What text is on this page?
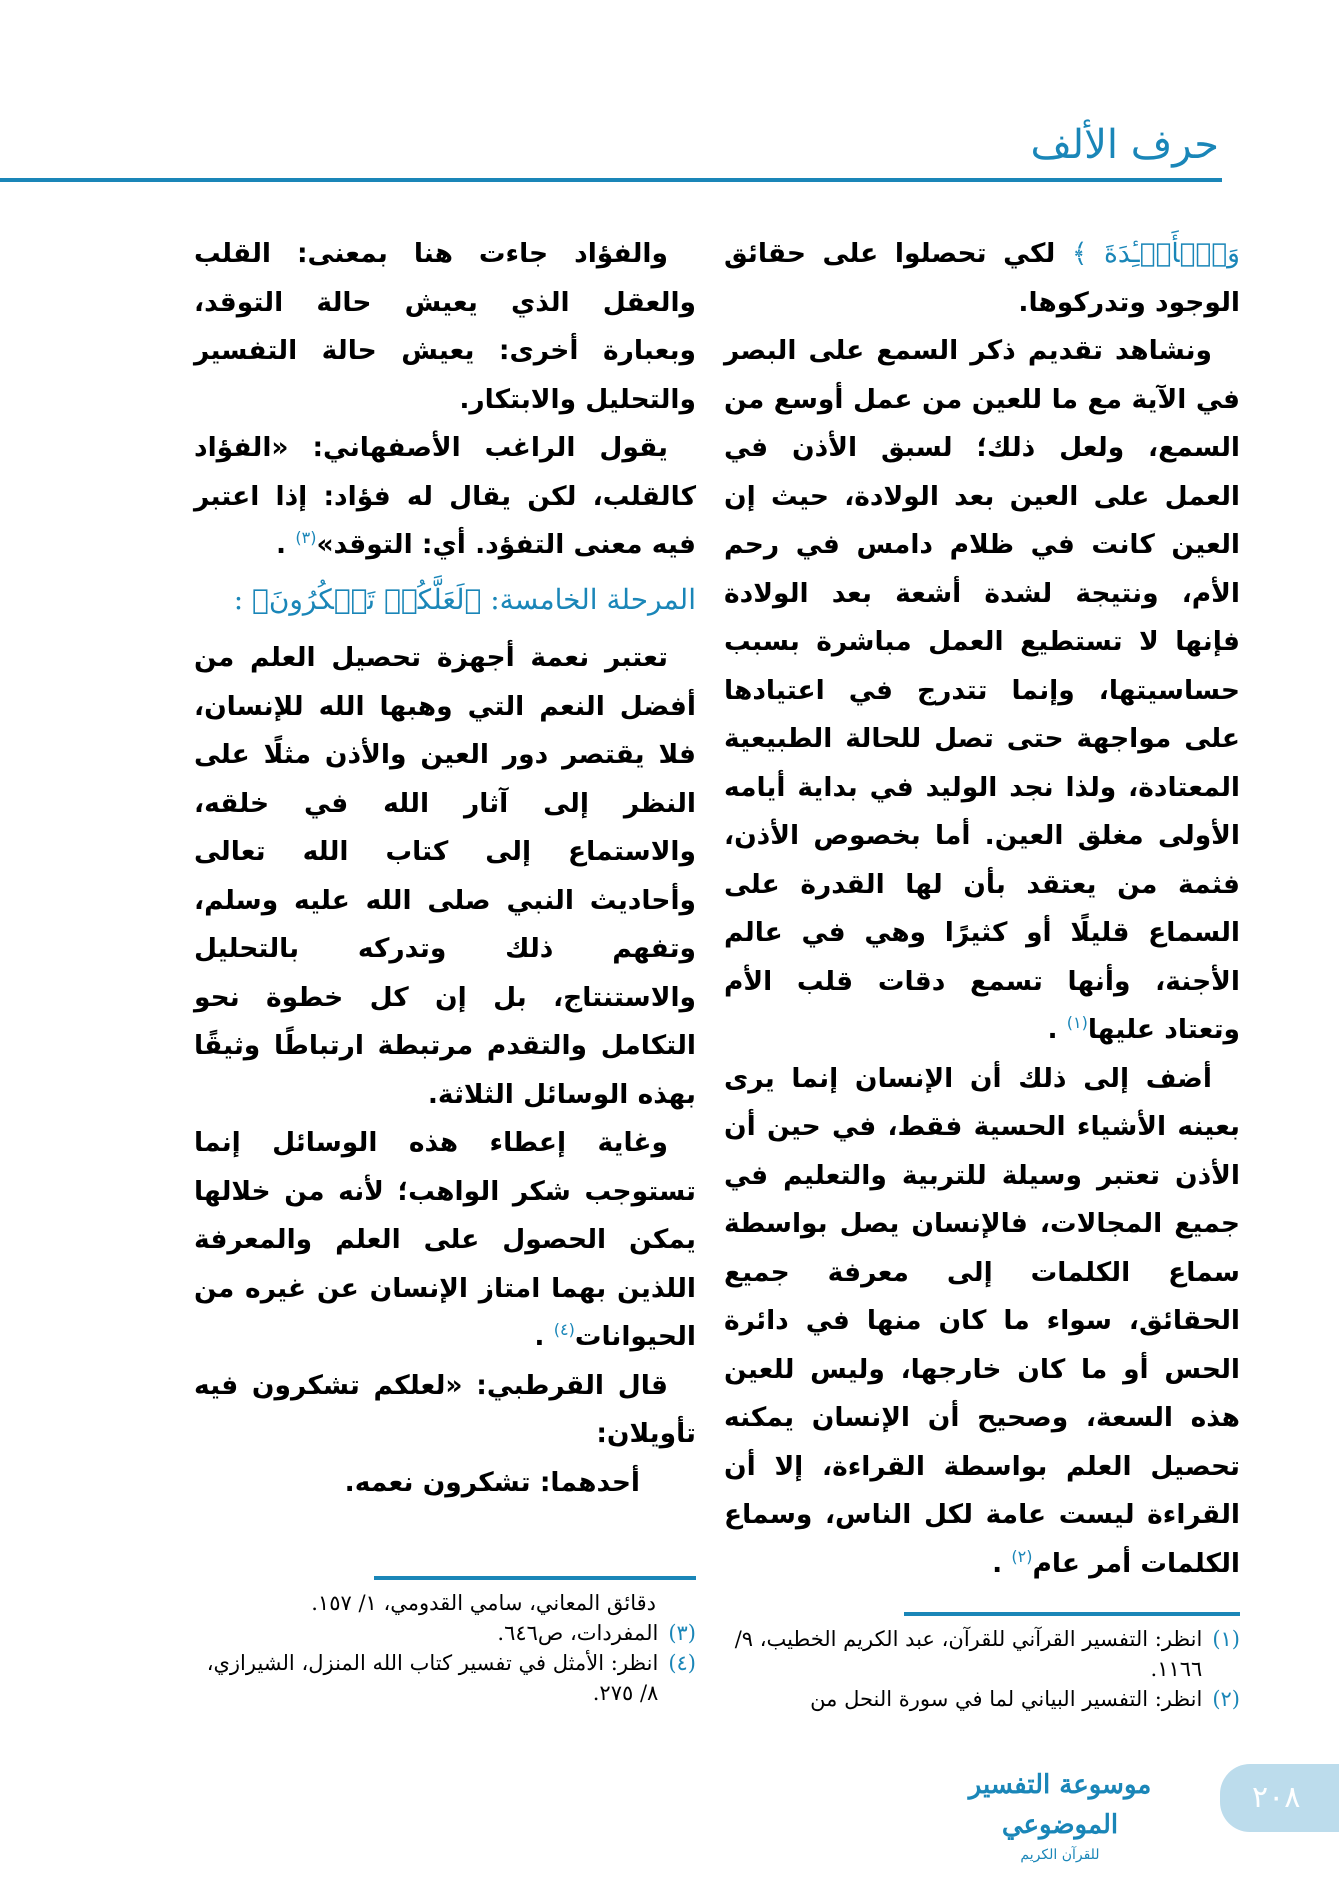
حرف الألف

وَٱلۡأَفۡـِٔدَةَ ﴾ لكي تحصلوا على حقائق الوجود وتدركوها.

ونشاهد تقديم ذكر السمع على البصر في الآية مع ما للعين من عمل أوسع من السمع، ولعل ذلك؛ لسبق الأذن في العمل على العين بعد الولادة، حيث إن العين كانت في ظلام دامس في رحم الأم، ونتيجة لشدة أشعة بعد الولادة فإنها لا تستطيع العمل مباشرة بسبب حساسيتها، وإنما تتدرج في اعتيادها على مواجهة حتى تصل للحالة الطبيعية المعتادة، ولذا نجد الوليد في بداية أيامه الأولى مغلق العين. أما بخصوص الأذن، فثمة من يعتقد بأن لها القدرة على السماع قليلًا أو كثيرًا وهي في عالم الأجنة، وأنها تسمع دقات قلب الأم وتعتاد عليها$^{(١)}$ .

أضف إلى ذلك أن الإنسان إنما يرى بعينه الأشياء الحسية فقط، في حين أن الأذن تعتبر وسيلة للتربية والتعليم في جميع المجالات، فالإنسان يصل بواسطة سماع الكلمات إلى معرفة جميع الحقائق، سواء ما كان منها في دائرة الحس أو ما كان خارجها، وليس للعين هذه السعة، وصحيح أن الإنسان يمكنه تحصيل العلم بواسطة القراءة، إلا أن القراءة ليست عامة لكل الناس، وسماع الكلمات أمر عام$^{(٢)}$ .

والفؤاد جاءت هنا بمعنى: القلب والعقل الذي يعيش حالة التوقد، وبعبارة أخرى: يعيش حالة التفسير والتحليل والابتكار.

يقول الراغب الأصفهاني: «الفؤاد كالقلب، لكن يقال له فؤاد: إذا اعتبر فيه معنى التفؤد. أي: التوقد»$^{(٣)}$ .

المرحلة الخامسة: ﴿لَعَلَّكُمۡ تَشۡكُرُونَ﴾ :

تعتبر نعمة أجهزة تحصيل العلم من أفضل النعم التي وهبها الله للإنسان، فلا يقتصر دور العين والأذن مثلًا على النظر إلى آثار الله في خلقه، والاستماع إلى كتاب الله تعالى وأحاديث النبي صلى الله عليه وسلم، وتفهم ذلك وتدركه بالتحليل والاستنتاج، بل إن كل خطوة نحو التكامل والتقدم مرتبطة ارتباطًا وثيقًا بهذه الوسائل الثلاثة.

وغاية إعطاء هذه الوسائل إنما تستوجب شكر الواهب؛ لأنه من خلالها يمكن الحصول على العلم والمعرفة اللذين بهما امتاز الإنسان عن غيره من الحيوانات$^{(٤)}$ .

قال القرطبي: «لعلكم تشكرون فيه تأويلان:

أحدهما: تشكرون نعمه.

(١)
انظر: التفسير القرآني للقرآن، عبد الكريم الخطيب، ٩/ ١١٦٦.
(٢)
انظر: التفسير البياني لما في سورة النحل من
دقائق المعاني، سامي القدومي، ١/ ١٥٧.
(٣)
المفردات، ص٦٤٦.
(٤)
انظر: الأمثل في تفسير كتاب الله المنزل، الشيرازي، ٨/ ٢٧٥.
موسوعة التفسير الموضوعي
للقرآن الكريم
٢٠٨
